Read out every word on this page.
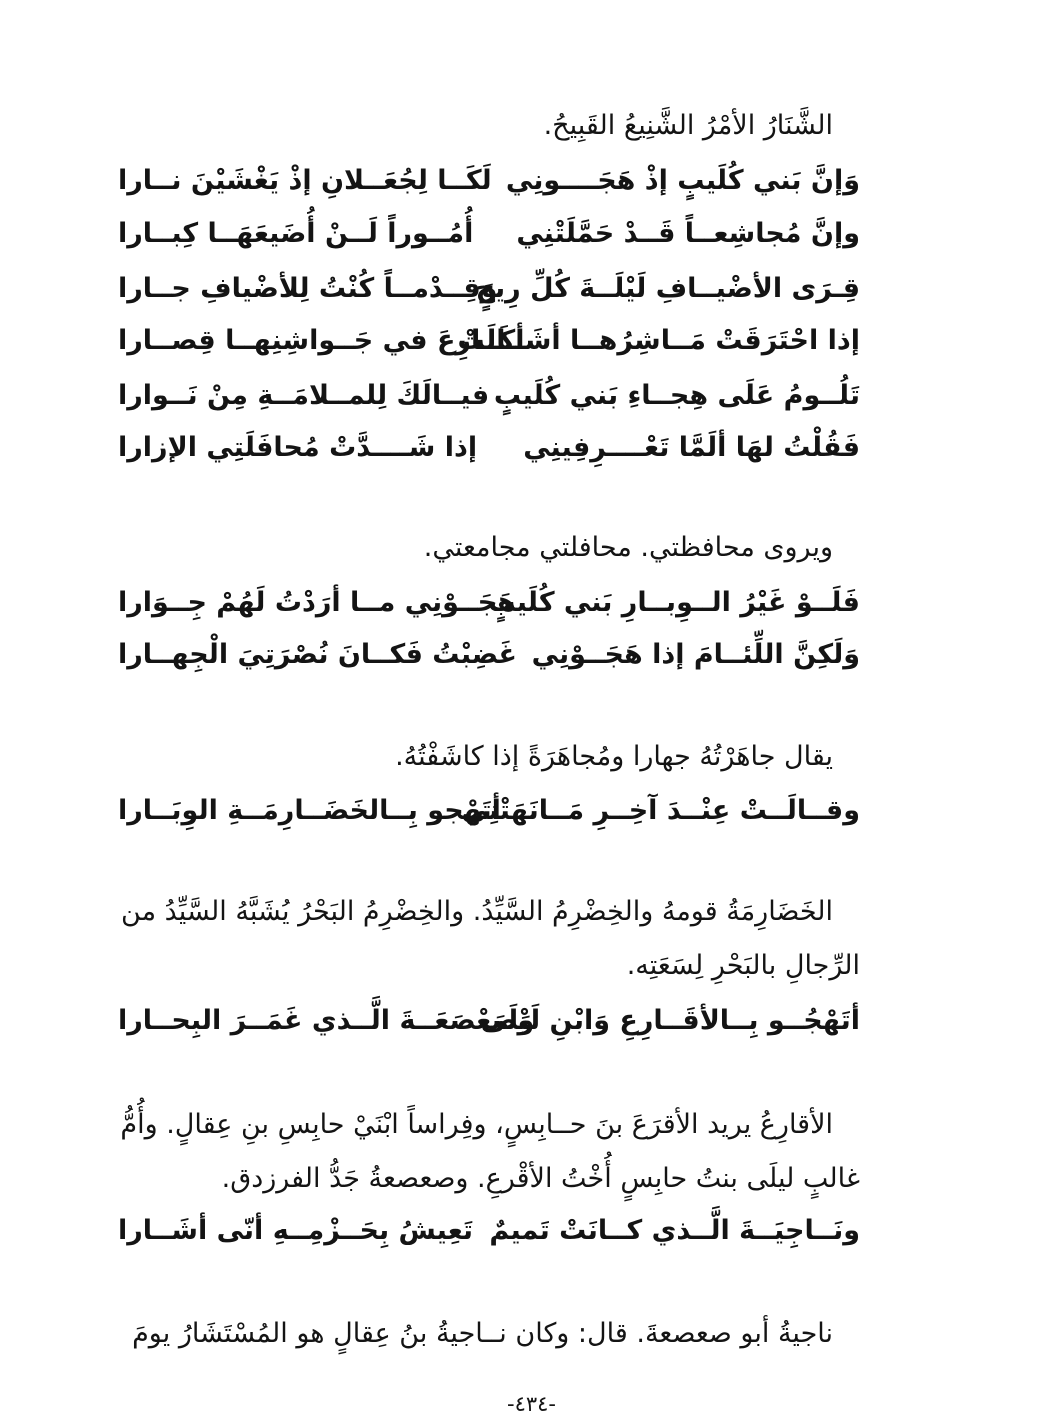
الشَّنَارُ الأمْرُ الشَّنِيعُ القَبِيحُ.
وَإنَّ بَني كُلَيبٍ إذْ هَجَــــونِي
لَكَــا لِجُعَــلانِ إذْ يَغْشَيْنَ نــارا
وإنَّ مُجاشِعــاً قَــدْ حَمَّلَتْنِي
أُمُــوراً لَــنْ أُضَيعَهَــا كِبــارا
قِـرَى الأضْيــافِ لَيْلَــةَ كُلِّ رِيحٍ
وَقِــدْمــاً كُنْتُ لِلأضْيافِ جــارا
إذا احْتَرَقَتْ مَــاشِرُهــا أشَــالَتْ
أكَــارِعَ في جَــواشِنِهــا قِصــارا
تَلُــومُ عَلَى هِجــاءِ بَني كُلَيبٍ
فيــالَكَ لِلمــلامَــةِ مِنْ نَــوارا
فَقُلْتُ لهَا ألَمَّا تَعْــــرِفِينِي
إذا شَــــدَّتْ مُحافَلَتِي الإزارا
ويروى محافظتي. محافلتي مجامعتي.
فَلَــوْ غَيْرُ الــوِبــارِ بَني كُلَيبٍ
هَجَــوْنِي مــا أرَدْتُ لَهُمْ جِــوَارا
وَلَكِنَّ اللِّئــامَ إذا هَجَــوْنِي
غَضِبْتُ فَكــانَ نُصْرَتِيَ الْجِهــارا
يقال جاهَرْتُهُ جهارا ومُجاهَرَةً إذا كاشَفْتُهُ.
وقــالَــتْ عِنْــدَ آخِــرِ مَــانَهَتْنِي
أتَهْجو بِــالخَضَــارِمَــةِ الوِبَــارا
الخَضَارِمَةُ قومهُ والخِضْرِمُ السَّيِّدُ. والخِضْرِمُ البَحْرُ يُشَبَّهُ السَّيِّدُ من
الرِّجالِ بالبَحْرِ لِسَعَتِه.
أتَهْجُــو بِــالأقَــارِعِ وَابْنِ لَيْلَى
وَصَعْصَعَــةَ الَّــذي غَمَــرَ البِحــارا
الأقارِعُ يريد الأقرَعَ بنَ حــابِسٍ، وفِراساً ابْنَيْ حابِسِ بنِ عِقالٍ. وأُمُّ
غالبٍ ليلَى بنتُ حابِسٍ أُخْتُ الأقْرعِ. وصعصعةُ جَدُّ الفرزدق.
ونَــاجِيَــةَ الَّــذي كــانَتْ تَميمٌ
تَعِيشُ بِحَــزْمِــهِ أنّى أشَــارا
ناجيةُ أبو صعصعةَ. قال: وكان نــاجيةُ بنُ عِقالٍ هو المُسْتَشَارُ يومَ
-٤٣٤-
